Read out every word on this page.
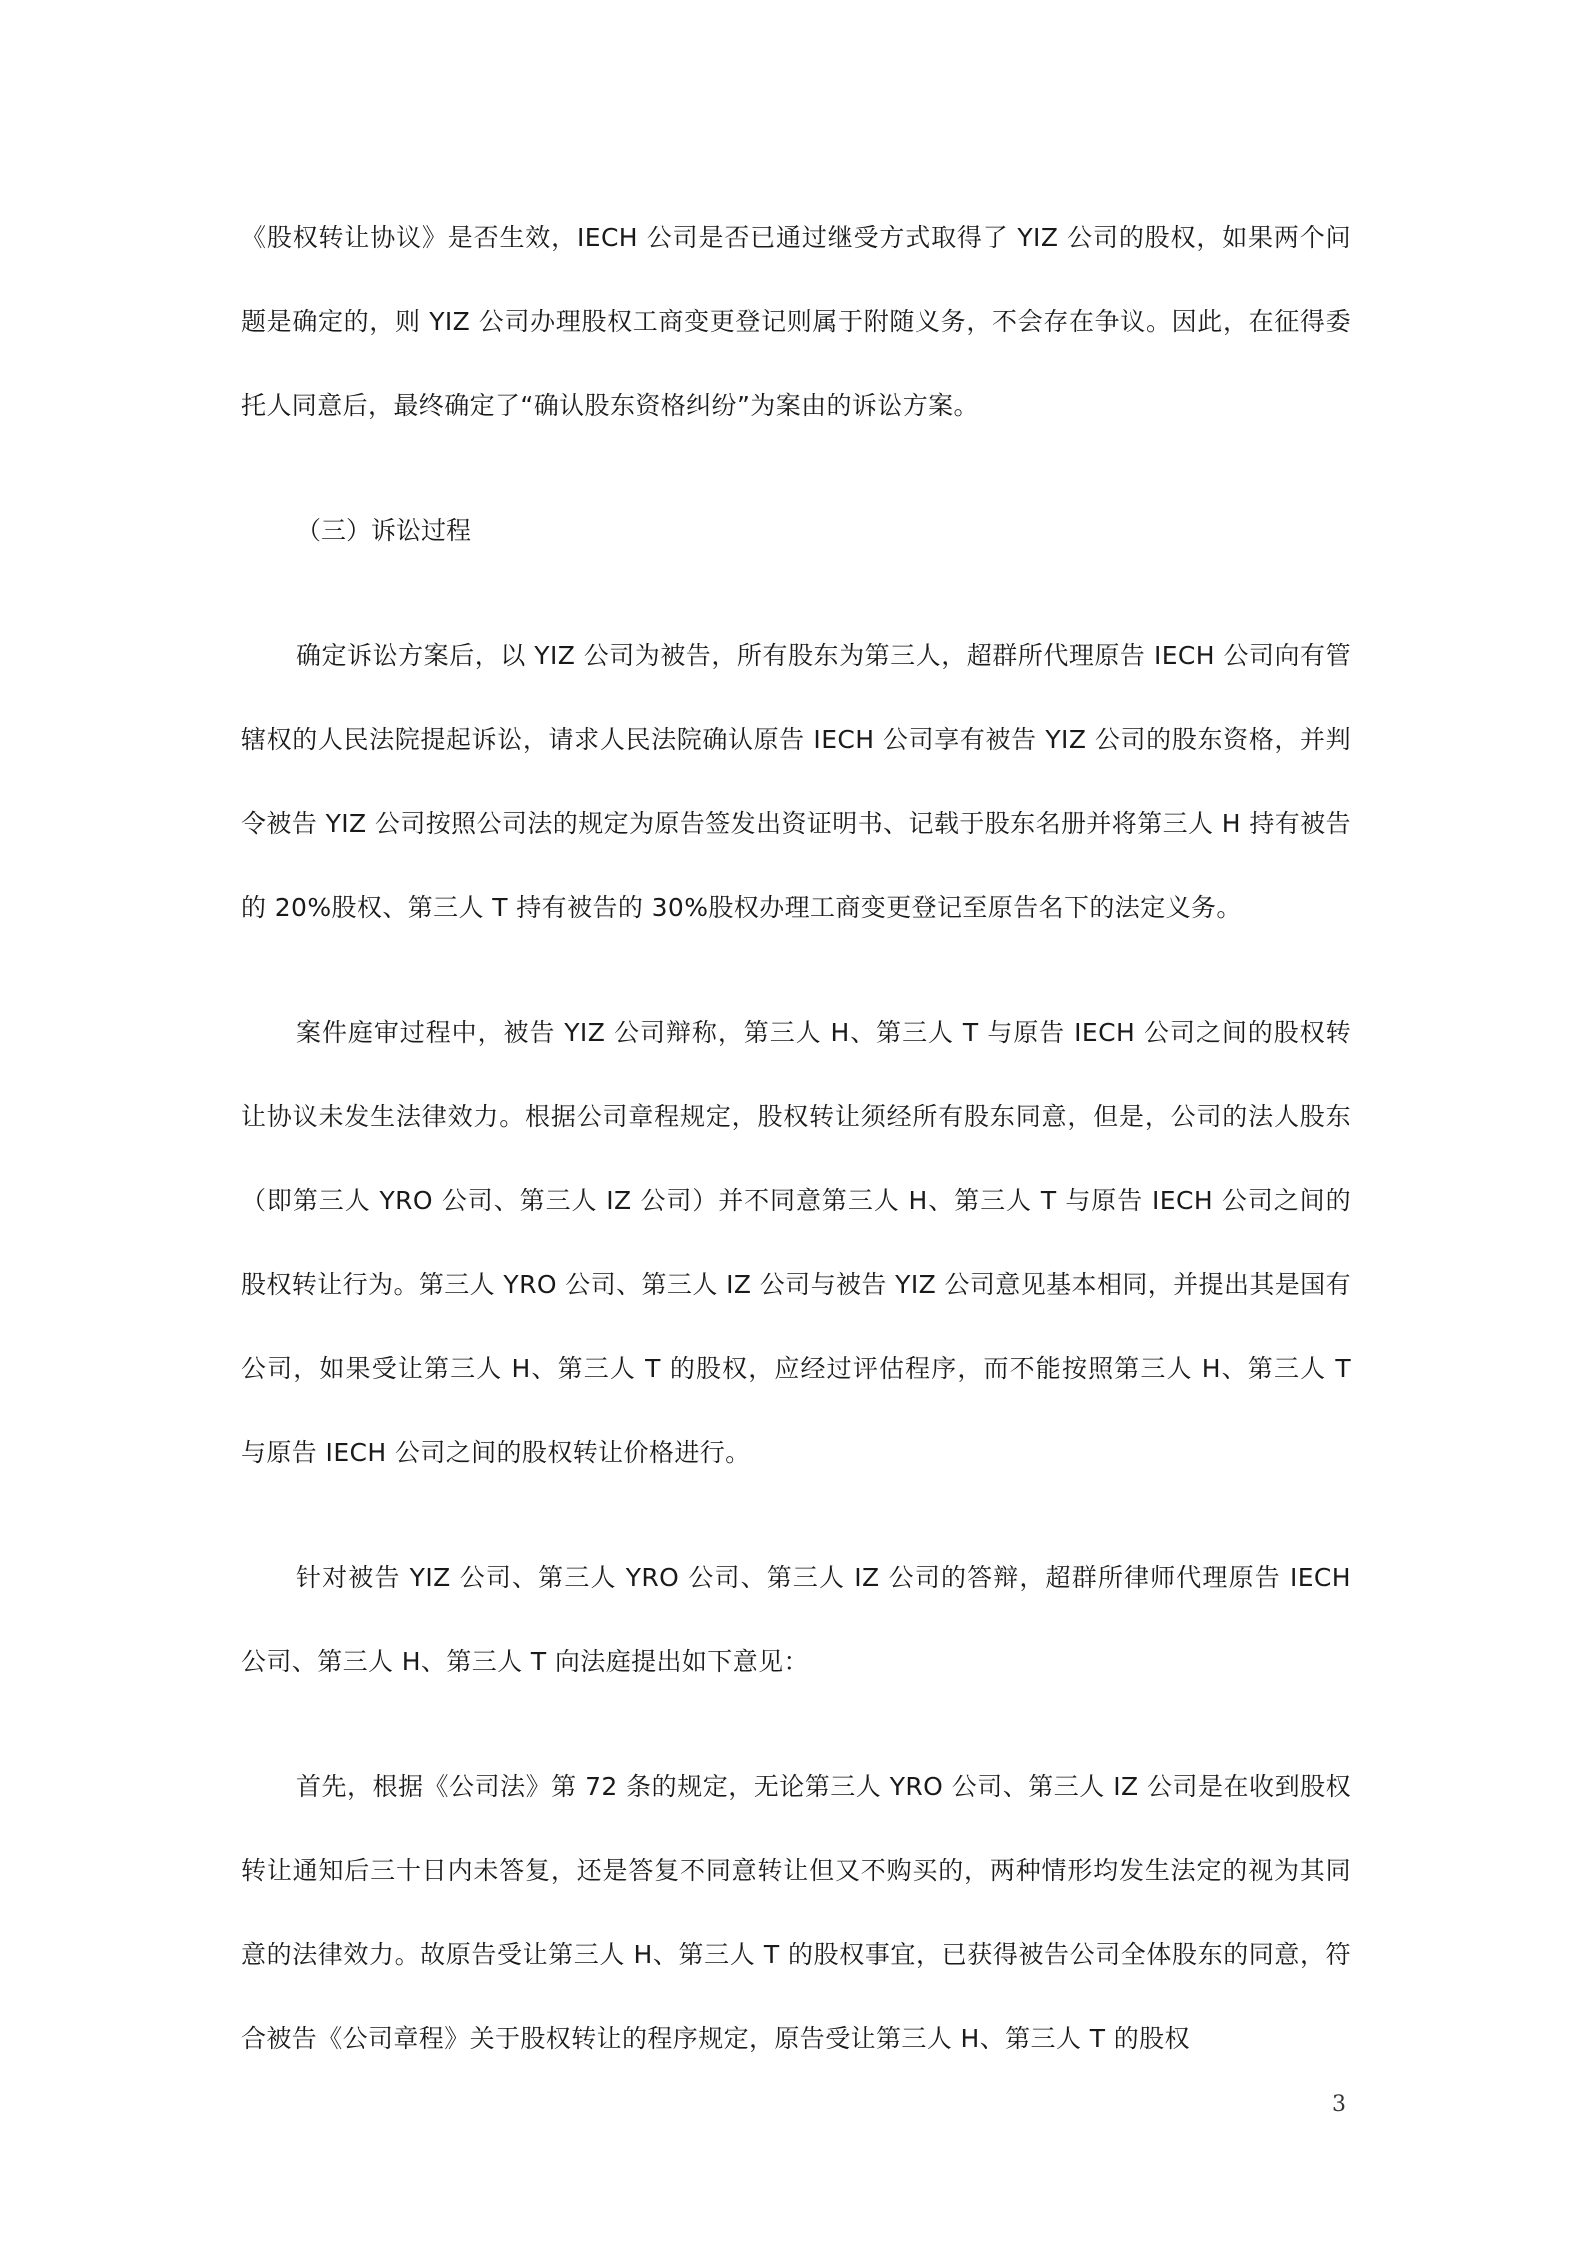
《股权转让协议》是否生效，IECH 公司是否已通过继受方式取得了 YIZ 公司的股权，如果两个问题是确定的，则 YIZ 公司办理股权工商变更登记则属于附随义务，不会存在争议。因此，在征得委托人同意后，最终确定了“确认股东资格纠纷”为案由的诉讼方案。

（三）诉讼过程

确定诉讼方案后，以 YIZ 公司为被告，所有股东为第三人，超群所代理原告 IECH 公司向有管辖权的人民法院提起诉讼，请求人民法院确认原告 IECH 公司享有被告 YIZ 公司的股东资格，并判令被告 YIZ 公司按照公司法的规定为原告签发出资证明书、记载于股东名册并将第三人 H 持有被告的 20%股权、第三人 T 持有被告的 30%股权办理工商变更登记至原告名下的法定义务。

案件庭审过程中，被告 YIZ 公司辩称，第三人 H、第三人 T 与原告 IECH 公司之间的股权转让协议未发生法律效力。根据公司章程规定，股权转让须经所有股东同意，但是，公司的法人股东（即第三人 YRO 公司、第三人 IZ 公司）并不同意第三人 H、第三人 T 与原告 IECH 公司之间的股权转让行为。第三人 YRO 公司、第三人 IZ 公司与被告 YIZ 公司意见基本相同，并提出其是国有公司，如果受让第三人 H、第三人 T 的股权，应经过评估程序，而不能按照第三人 H、第三人 T 与原告 IECH 公司之间的股权转让价格进行。

针对被告 YIZ 公司、第三人 YRO 公司、第三人 IZ 公司的答辩，超群所律师代理原告 IECH 公司、第三人 H、第三人 T 向法庭提出如下意见：

首先，根据《公司法》第 72 条的规定，无论第三人 YRO 公司、第三人 IZ 公司是在收到股权转让通知后三十日内未答复，还是答复不同意转让但又不购买的，两种情形均发生法定的视为其同意的法律效力。故原告受让第三人 H、第三人 T 的股权事宜，已获得被告公司全体股东的同意，符合被告《公司章程》关于股权转让的程序规定，原告受让第三人 H、第三人 T 的股权

3
